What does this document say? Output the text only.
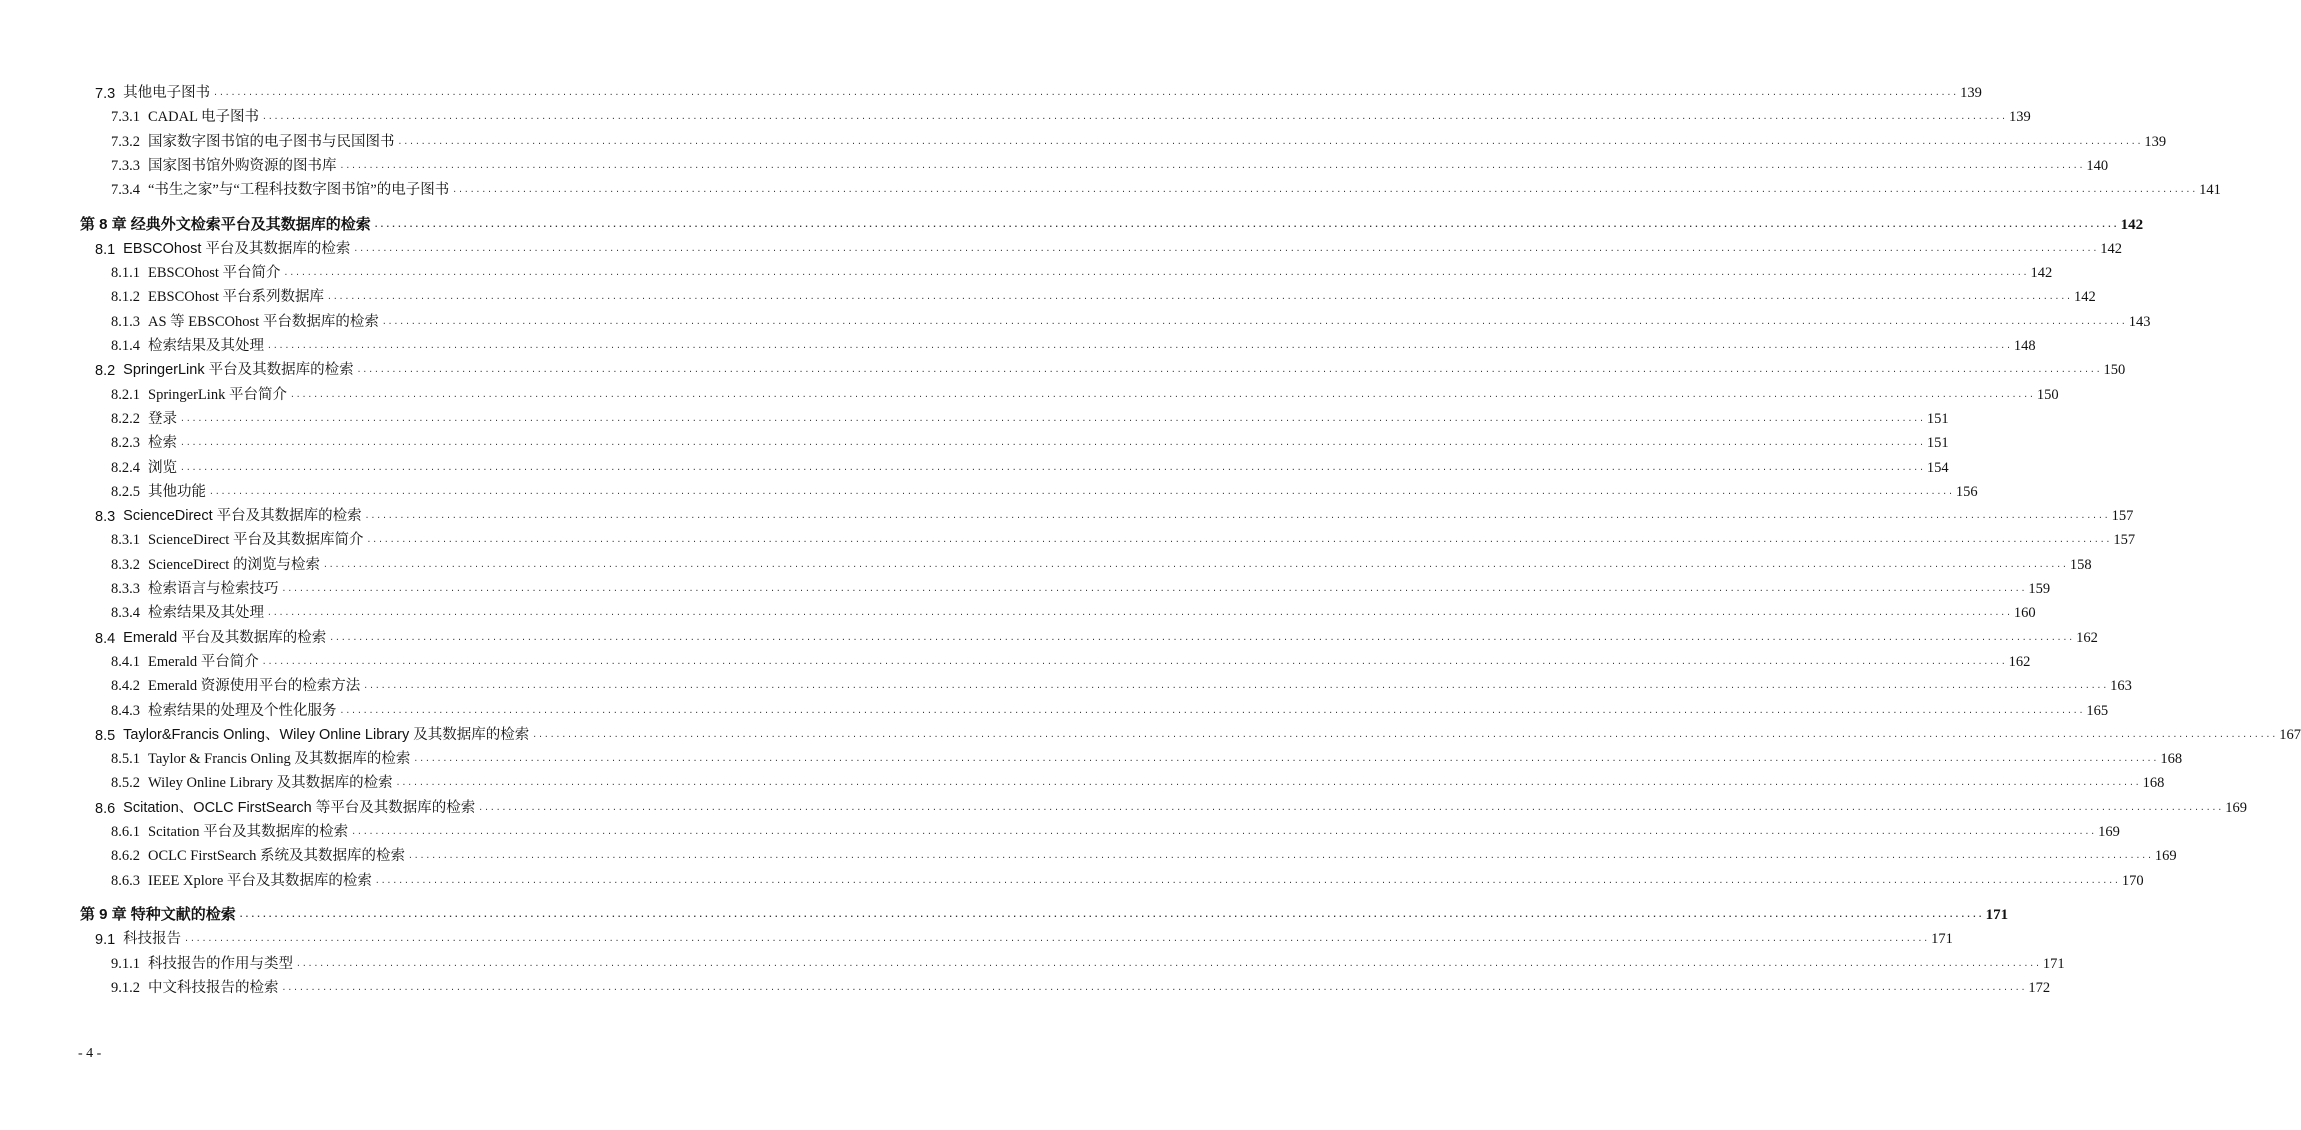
7.3 其他电子图书 ············································································································································································································································································································ 139
7.3.1 CADAL 电子图书 ············································································································································································································································································································ 139
7.3.2 国家数字图书馆的电子图书与民国图书 ············································································································································································································································································································ 139
7.3.3 国家图书馆外购资源的图书库 ············································································································································································································································································································ 140
7.3.4 “书生之家”与“工程科技数字图书馆”的电子图书 ············································································································································································································································································································ 141
第 8 章 经典外文检索平台及其数据库的检索 ············································································································································································································································································································ 142
8.1 EBSCOhost 平台及其数据库的检索 ············································································································································································································································································································ 142
8.1.1 EBSCOhost 平台简介 ············································································································································································································································································································ 142
8.1.2 EBSCOhost 平台系列数据库 ············································································································································································································································································································ 142
8.1.3 AS 等 EBSCOhost 平台数据库的检索 ············································································································································································································································································································ 143
8.1.4 检索结果及其处理 ············································································································································································································································································································ 148
8.2 SpringerLink 平台及其数据库的检索 ············································································································································································································································································································ 150
8.2.1 SpringerLink 平台简介 ············································································································································································································································································································ 150
8.2.2 登录 ············································································································································································································································································································ 151
8.2.3 检索 ············································································································································································································································································································ 151
8.2.4 浏览 ············································································································································································································································································································ 154
8.2.5 其他功能 ············································································································································································································································································································ 156
8.3 ScienceDirect 平台及其数据库的检索 ············································································································································································································································································································ 157
8.3.1 ScienceDirect 平台及其数据库简介 ············································································································································································································································································································ 157
8.3.2 ScienceDirect 的浏览与检索 ············································································································································································································································································································ 158
8.3.3 检索语言与检索技巧 ············································································································································································································································································································ 159
8.3.4 检索结果及其处理 ············································································································································································································································································································ 160
8.4 Emerald 平台及其数据库的检索 ············································································································································································································································································································ 162
8.4.1 Emerald 平台简介 ············································································································································································································································································································ 162
8.4.2 Emerald 资源使用平台的检索方法 ············································································································································································································································································································ 163
8.4.3 检索结果的处理及个性化服务 ············································································································································································································································································································ 165
8.5 Taylor&Francis Onling、Wiley Online Library 及其数据库的检索 ············································································································································································································································································································ 167
8.5.1 Taylor & Francis Onling 及其数据库的检索 ············································································································································································································································································································ 168
8.5.2 Wiley Online Library 及其数据库的检索 ············································································································································································································································································································ 168
8.6 Scitation、OCLC FirstSearch 等平台及其数据库的检索 ············································································································································································································································································································ 169
8.6.1 Scitation 平台及其数据库的检索 ············································································································································································································································································································ 169
8.6.2 OCLC FirstSearch 系统及其数据库的检索 ············································································································································································································································································································ 169
8.6.3 IEEE Xplore 平台及其数据库的检索 ············································································································································································································································································································ 170
第 9 章 特种文献的检索 ············································································································································································································································································································ 171
9.1 科技报告 ············································································································································································································································································································ 171
9.1.1 科技报告的作用与类型 ············································································································································································································································································································ 171
9.1.2 中文科技报告的检索 ············································································································································································································································································································ 172
- 4 -
